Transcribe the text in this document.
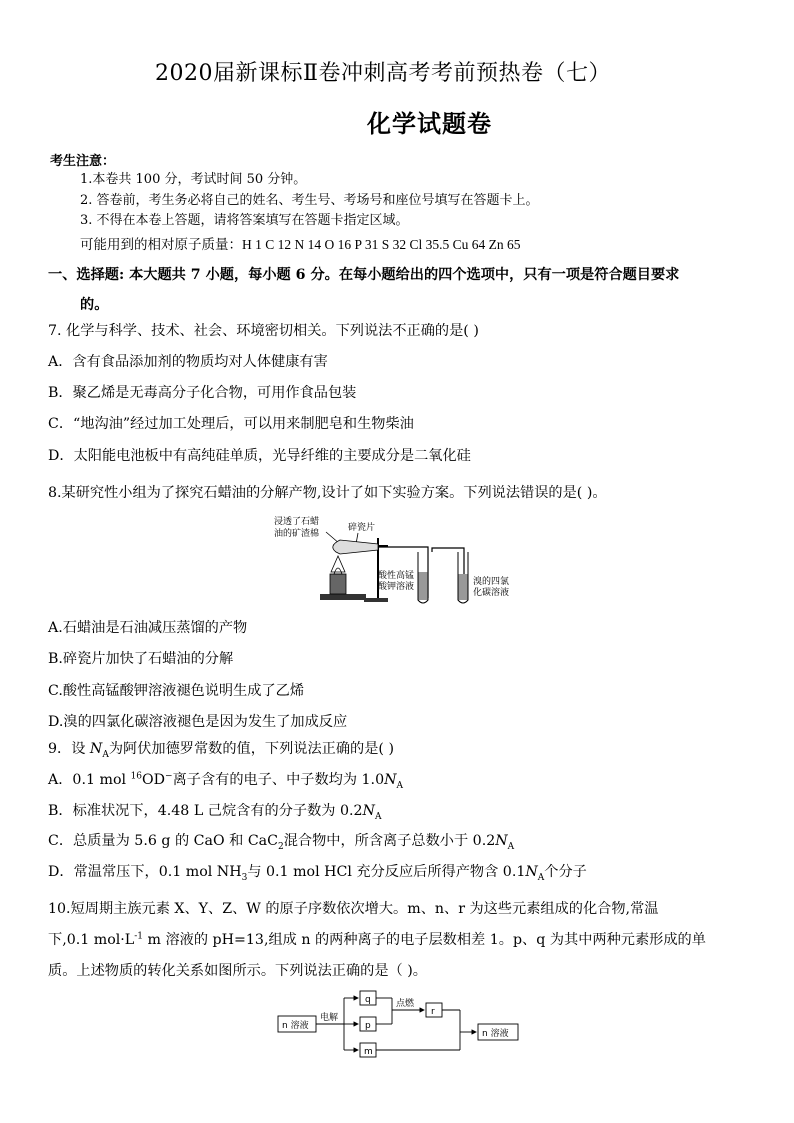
2020届新课标Ⅱ卷冲刺高考考前预热卷（七）
化学试题卷
考生注意：
1.本卷共 100 分，考试时间 50 分钟。
2. 答卷前，考生务必将自己的姓名、考生号、考场号和座位号填写在答题卡上。
3. 不得在本卷上答题，请将答案填写在答题卡指定区域。
可能用到的相对原子质量：H 1 C 12 N 14 O 16 P 31 S 32 Cl 35.5 Cu 64 Zn 65
一、选择题: 本大题共 7 小题，每小题 6 分。在每小题给出的四个选项中，只有一项是符合题目要求
的。
7. 化学与科学、技术、社会、环境密切相关。下列说法不正确的是( )
A．含有食品添加剂的物质均对人体健康有害
B．聚乙烯是无毒高分子化合物，可用作食品包装
C．“地沟油”经过加工处理后，可以用来制肥皂和生物柴油
D．太阳能电池板中有高纯硅单质，光导纤维的主要成分是二氧化硅
8.某研究性小组为了探究石蜡油的分解产物,设计了如下实验方案。下列说法错误的是( )。
浸透了石蜡
油的矿渣棉
碎瓷片
酸性高锰
酸钾溶液	溴的四氯
化碳溶液
A.石蜡油是石油减压蒸馏的产物
B.碎瓷片加快了石蜡油的分解
C.酸性高锰酸钾溶液褪色说明生成了乙烯
D.溴的四氯化碳溶液褪色是因为发生了加成反应
9．设 $N_A$为阿伏加德罗常数的值，下列说法正确的是( )
A．0.1 mol $^{16}$OD−离子含有的电子、中子数均为 $1.0N_A$
B．标准状况下，4.48 L 己烷含有的分子数为 $0.2N_A$
C．总质量为 5.6 g 的 CaO 和 CaC$_2$混合物中，所含离子总数小于 $0.2N_A$
D．常温常压下，0.1 mol $NH_3$与 0.1 mol HCl 充分反应后所得产物含 $0.1N_A$个分子
10.短周期主族元素 X、Y、Z、W 的原子序数依次增大。m、n、r 为这些元素组成的化合物,常温
下,0.1 $mol\cdot L^{-1}$ m 溶液的 pH=13,组成 n 的两种离子的电子层数相差 1。p、q 为其中两种元素形成的单
质。上述物质的转化关系如图所示。下列说法正确的是（ )。
n 溶液
电解
q
p
m
点燃
r
n 溶液
